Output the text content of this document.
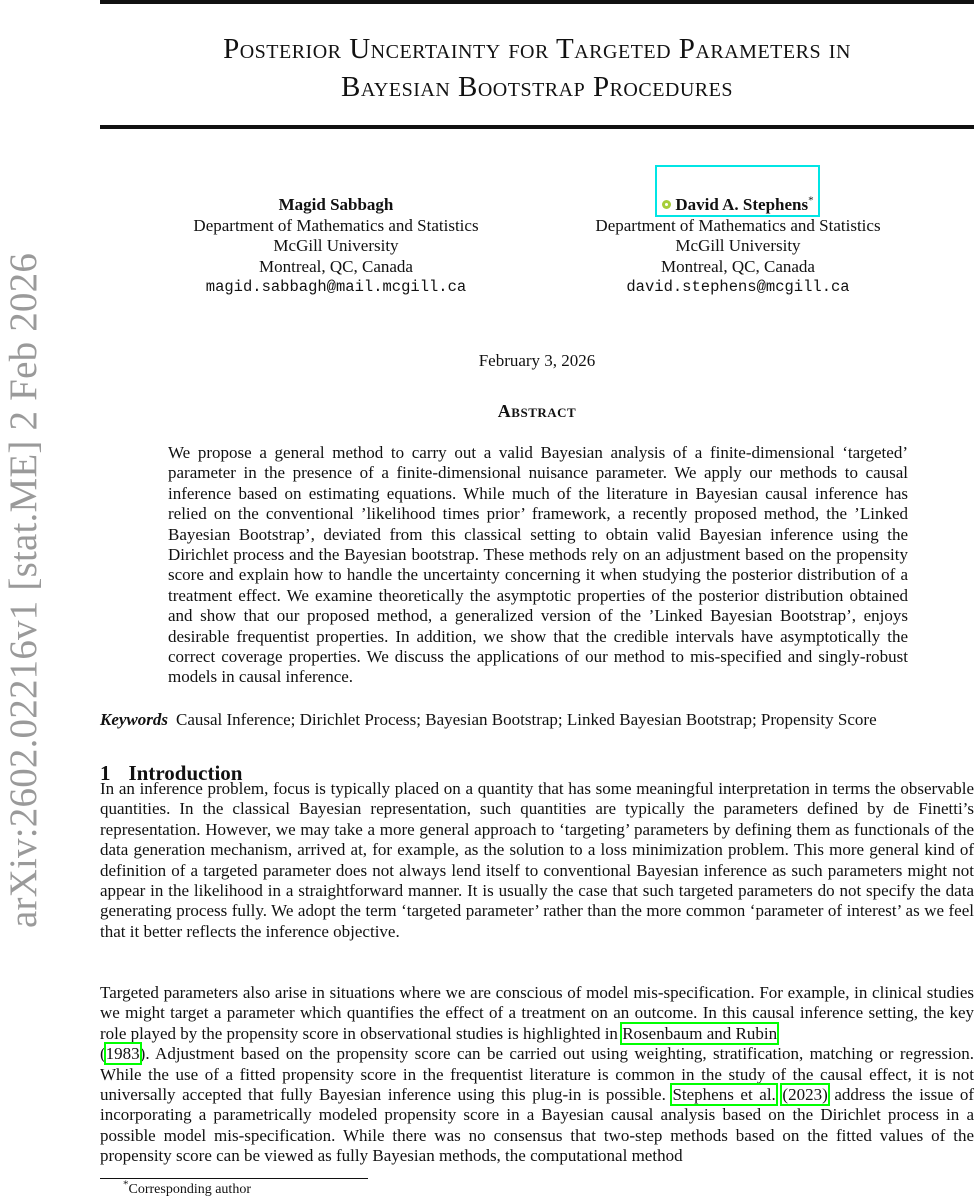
arXiv:2602.02216v1 [stat.ME] 2 Feb 2026
Posterior Uncertainty for Targeted Parameters in
Bayesian Bootstrap Procedures
Magid Sabbagh
Department of Mathematics and Statistics
McGill University
Montreal, QC, Canada
magid.sabbagh@mail.mcgill.ca
David A. Stephens*
Department of Mathematics and Statistics
McGill University
Montreal, QC, Canada
david.stephens@mcgill.ca
February 3, 2026
Abstract
We propose a general method to carry out a valid Bayesian analysis of a finite-dimensional ‘targeted’ parameter in the presence of a finite-dimensional nuisance parameter. We apply our methods to causal inference based on estimating equations. While much of the literature in Bayesian causal inference has relied on the conventional ’likelihood times prior’ framework, a recently proposed method, the ’Linked Bayesian Bootstrap’, deviated from this classical setting to obtain valid Bayesian inference using the Dirichlet process and the Bayesian bootstrap. These methods rely on an adjustment based on the propensity score and explain how to handle the uncertainty concerning it when studying the posterior distribution of a treatment effect. We examine theoretically the asymptotic properties of the posterior distribution obtained and show that our proposed method, a generalized version of the ’Linked Bayesian Bootstrap’, enjoys desirable frequentist properties. In addition, we show that the credible intervals have asymptotically the correct coverage properties. We discuss the applications of our method to mis-specified and singly-robust models in causal inference.
Keywords Causal Inference; Dirichlet Process; Bayesian Bootstrap; Linked Bayesian Bootstrap; Propensity Score
1 Introduction
In an inference problem, focus is typically placed on a quantity that has some meaningful interpretation in terms the observable quantities. In the classical Bayesian representation, such quantities are typically the parameters defined by de Finetti’s representation. However, we may take a more general approach to ‘targeting’ parameters by defining them as functionals of the data generation mechanism, arrived at, for example, as the solution to a loss minimization problem. This more general kind of definition of a targeted parameter does not always lend itself to conventional Bayesian inference as such parameters might not appear in the likelihood in a straightforward manner. It is usually the case that such targeted parameters do not specify the data generating process fully. We adopt the term ‘targeted parameter’ rather than the more common ‘parameter of interest’ as we feel that it better reflects the inference objective.
Targeted parameters also arise in situations where we are conscious of model mis-specification. For example, in clinical studies we might target a parameter which quantifies the effect of a treatment on an outcome. In this causal inference setting, the key role played by the propensity score in observational studies is highlighted in Rosenbaum and Rubin
(1983). Adjustment based on the propensity score can be carried out using weighting, stratification, matching or regression. While the use of a fitted propensity score in the frequentist literature is common in the study of the causal effect, it is not universally accepted that fully Bayesian inference using this plug-in is possible. Stephens et al. (2023) address the issue of incorporating a parametrically modeled propensity score in a Bayesian causal analysis based on the Dirichlet process in a possible model mis-specification. While there was no consensus that two-step methods based on the fitted values of the propensity score can be viewed as fully Bayesian methods, the computational method
*Corresponding author
